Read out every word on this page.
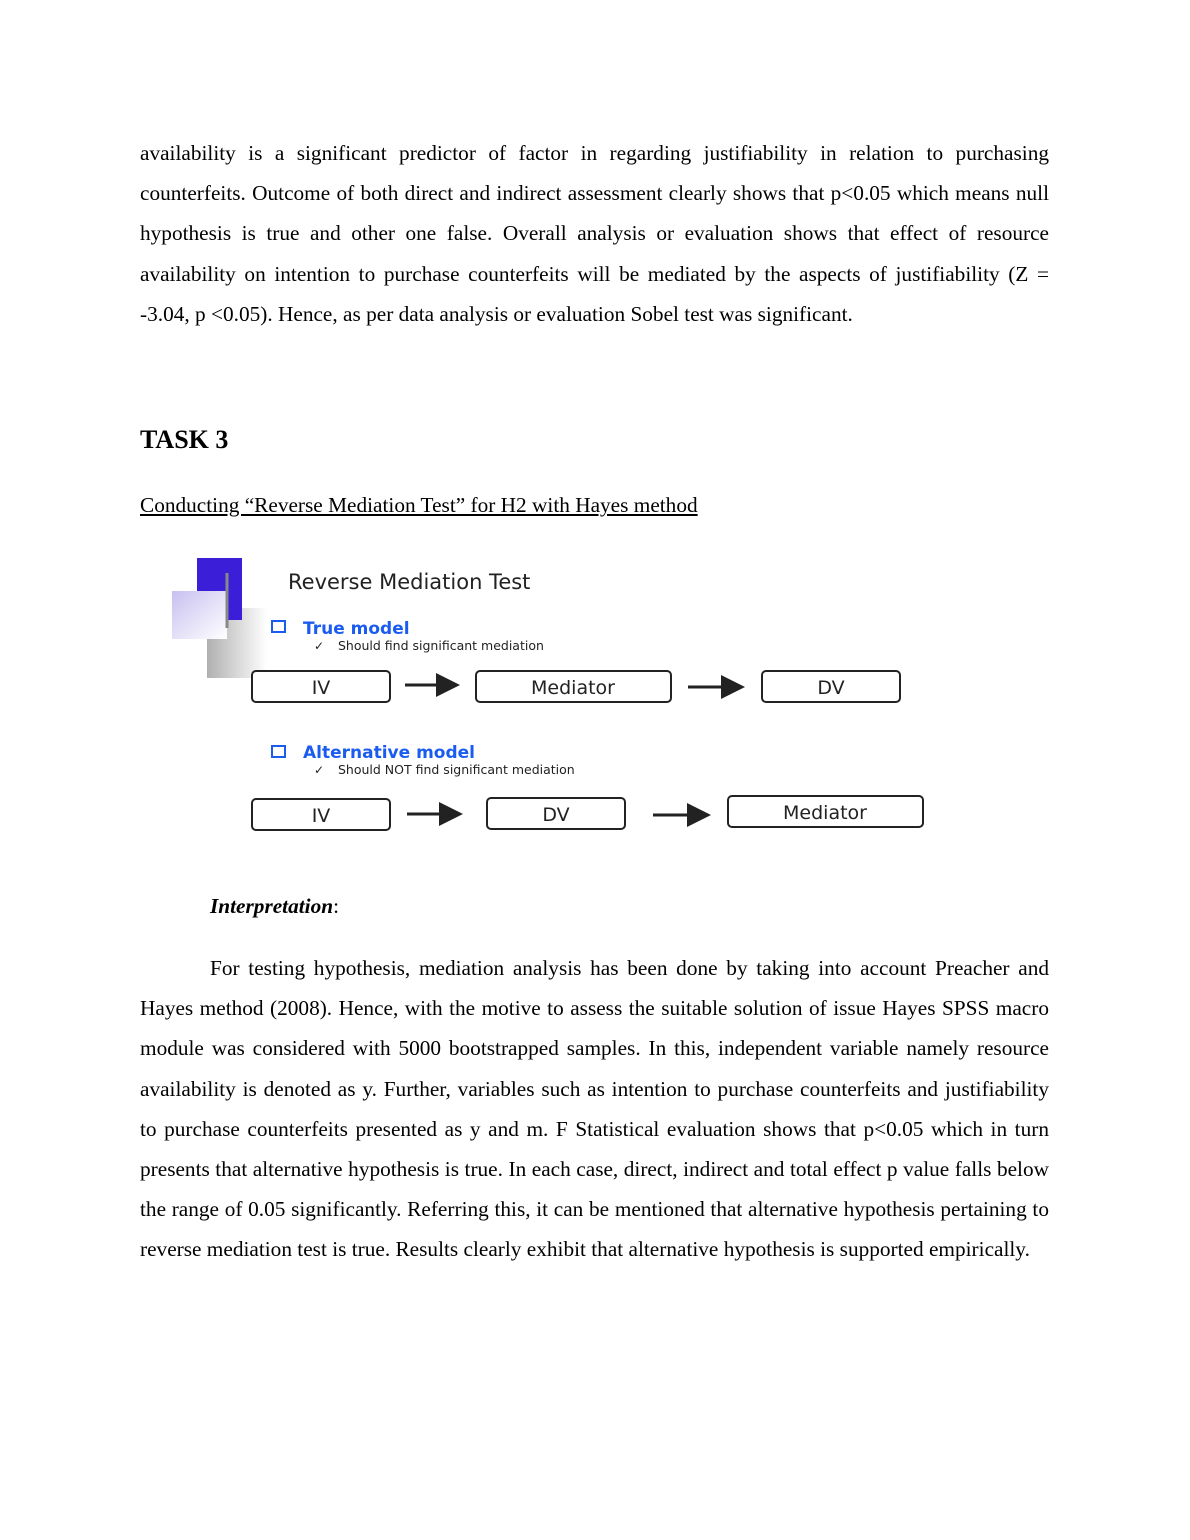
availability is a significant predictor of factor in regarding justifiability in relation to purchasing counterfeits. Outcome of both direct and indirect assessment clearly shows that p<0.05 which means null hypothesis is true and other one false. Overall analysis or evaluation shows that effect of resource availability on intention to purchase counterfeits will be mediated by the aspects of justifiability (Z = -3.04, p <0.05). Hence, as per data analysis or evaluation Sobel test was significant.

TASK 3

Conducting “Reverse Mediation Test” for H2 with Hayes method

Reverse Mediation Test
True model
✓ Should find significant mediation
IV	Mediator	DV
Alternative model
✓ Should NOT find significant mediation
IV	DV	Mediator

Interpretation:

For testing hypothesis, mediation analysis has been done by taking into account Preacher and Hayes method (2008). Hence, with the motive to assess the suitable solution of issue Hayes SPSS macro module was considered with 5000 bootstrapped samples. In this, independent variable namely resource availability is denoted as y. Further, variables such as intention to purchase counterfeits and justifiability to purchase counterfeits presented as y and m. F Statistical evaluation shows that p<0.05 which in turn presents that alternative hypothesis is true. In each case, direct, indirect and total effect p value falls below the range of 0.05 significantly. Referring this, it can be mentioned that alternative hypothesis pertaining to reverse mediation test is true. Results clearly exhibit that alternative hypothesis is supported empirically.
